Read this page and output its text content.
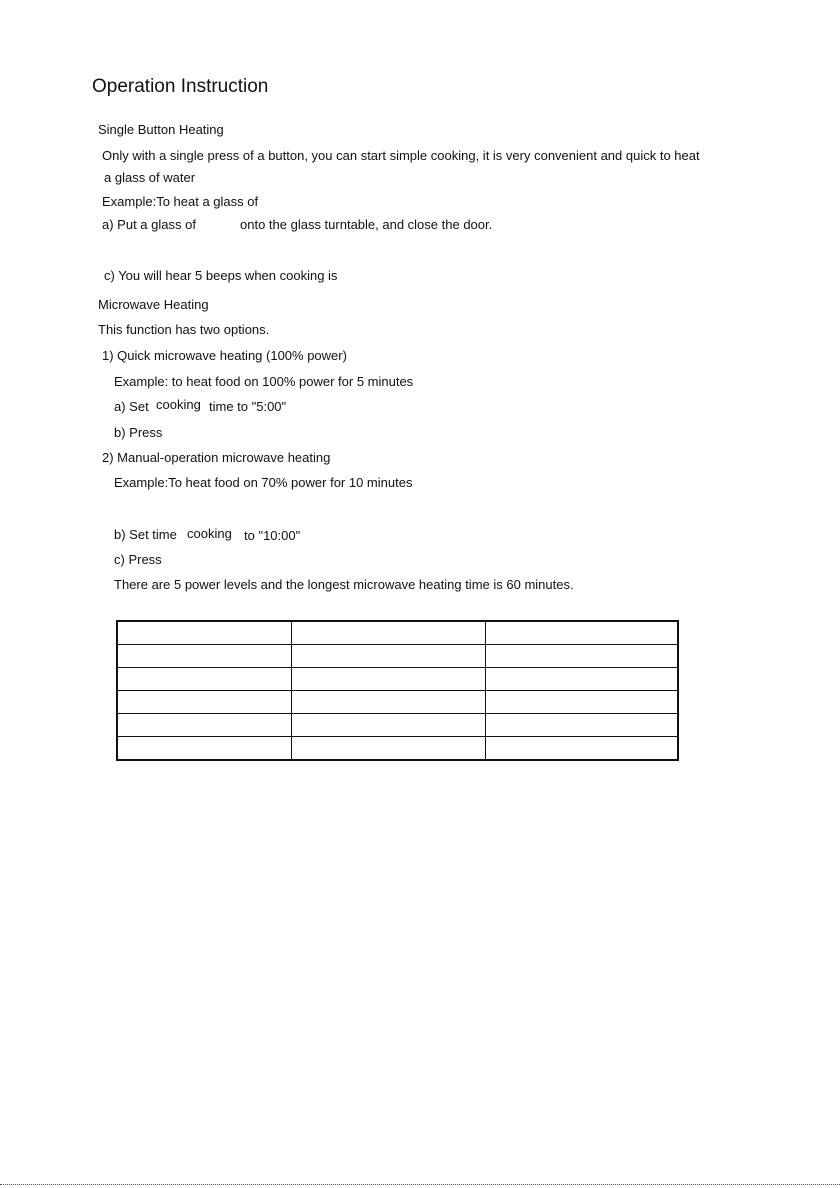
Operation Instruction
Single Button Heating
Only with a single press of a button, you can start simple cooking, it is very convenient and quick to heat
a glass of water
Example:To heat a glass of
a) Put a glass of	onto the glass turntable, and close the door.
c) You will hear 5 beeps when cooking is
Microwave Heating
This function has two options.
1) Quick microwave heating (100% power)
Example: to heat food on 100% power for 5 minutes
a) Set cooking time to "5:00"
b) Press
2) Manual-operation microwave heating
Example:To heat food on 70% power for 10 minutes
b) Set time cooking to "10:00"
c) Press
There are 5 power levels and the longest microwave heating time is 60 minutes.
